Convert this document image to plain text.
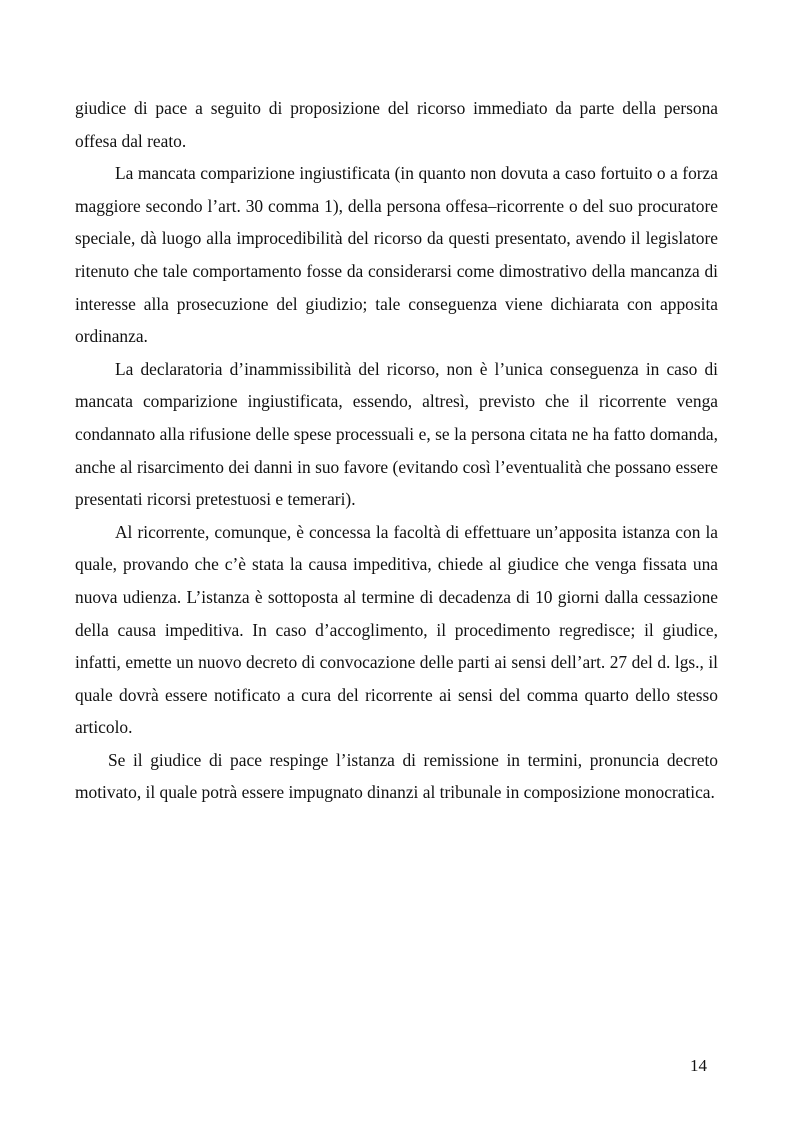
giudice di pace a seguito di proposizione del ricorso immediato da parte della persona offesa dal reato.

La mancata comparizione ingiustificata (in quanto non dovuta a caso fortuito o a forza maggiore secondo l’art. 30 comma 1), della persona offesa–ricorrente o del suo procuratore speciale, dà luogo alla improcedibilità del ricorso da questi presentato, avendo il legislatore ritenuto che tale comportamento fosse da considerarsi come dimostrativo della mancanza di interesse alla prosecuzione del giudizio; tale conseguenza viene dichiarata con apposita ordinanza.

La declaratoria d’inammissibilità del ricorso, non è l’unica conseguenza in caso di mancata comparizione ingiustificata, essendo, altresì, previsto che il ricorrente venga condannato alla rifusione delle spese processuali e, se la persona citata ne ha fatto domanda, anche al risarcimento dei danni in suo favore (evitando così l’eventualità che possano essere presentati ricorsi pretestuosi e temerari).

Al ricorrente, comunque, è concessa la facoltà di effettuare un’apposita istanza con la quale, provando che c’è stata la causa impeditiva, chiede al giudice che venga fissata una nuova udienza. L’istanza è sottoposta al termine di decadenza di 10 giorni dalla cessazione della causa impeditiva. In caso d’accoglimento, il procedimento regredisce; il giudice, infatti, emette un nuovo decreto di convocazione delle parti ai sensi dell’art. 27 del d. lgs., il quale dovrà essere notificato a cura del ricorrente ai sensi del comma quarto dello stesso articolo.

Se il giudice di pace respinge l’istanza di remissione in termini, pronuncia decreto motivato, il quale potrà essere impugnato dinanzi al tribunale in composizione monocratica.

14
